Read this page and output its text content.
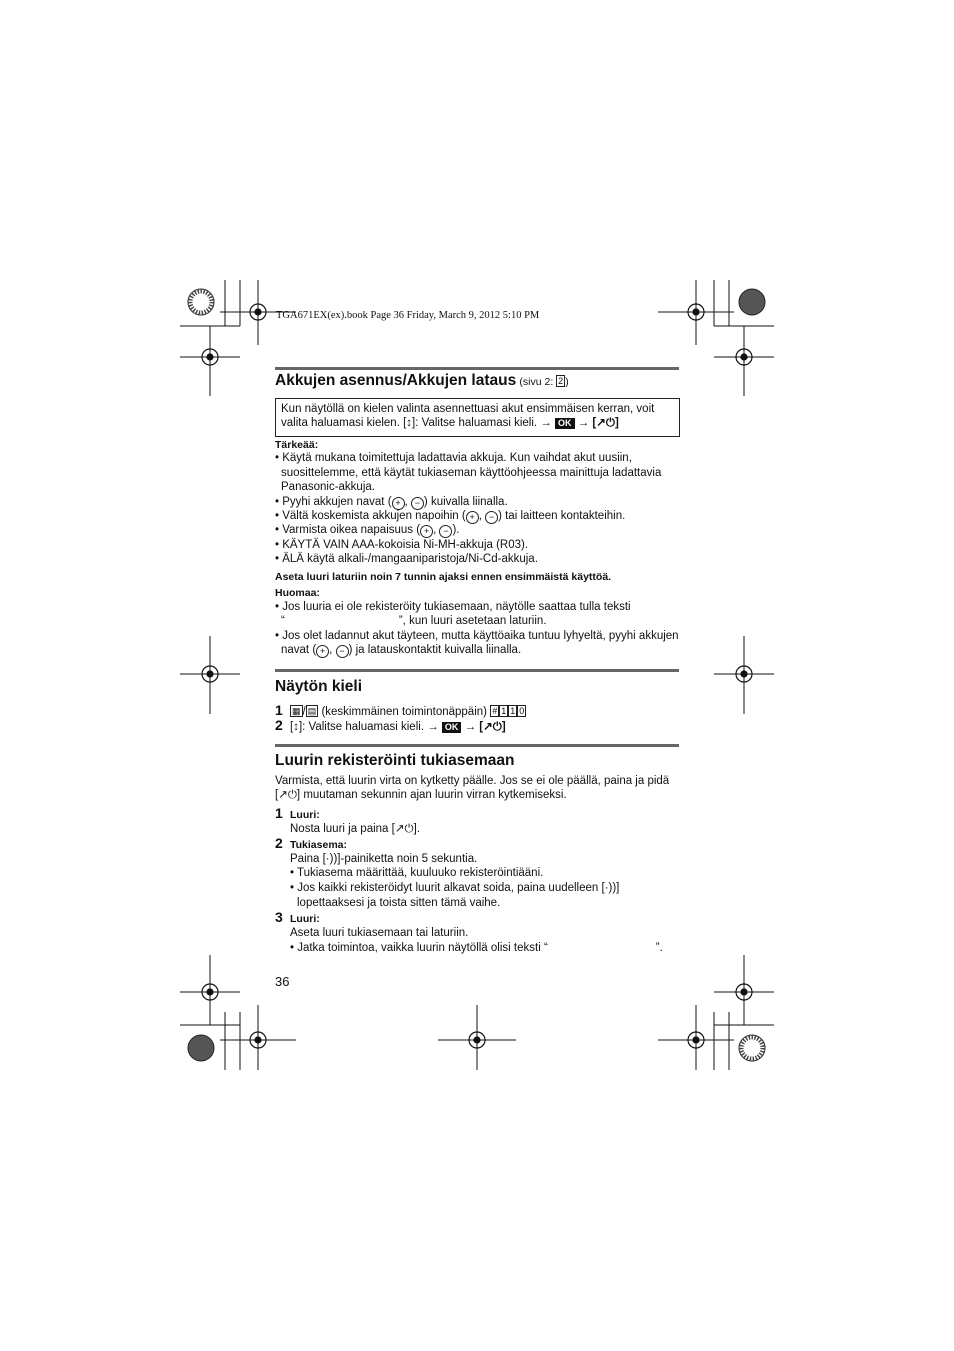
TGA671EX(ex).book Page 36 Friday, March 9, 2012 5:10 PM
Akkujen asennus/Akkujen lataus (sivu 2: 2 )
Kun näytöllä on kielen valinta asennettuasi akut ensimmäisen kerran, voit
valita haluamasi kielen. [↕]: Valitse haluamasi kieli. → OK → [↗⏻]
Tärkeää:
• Käytä mukana toimitettuja ladattavia akkuja. Kun vaihdat akut uusiin,
suosittelemme, että käytät tukiaseman käyttöohjeessa mainittuja ladattavia
Panasonic-akkuja.
• Pyyhi akkujen navat ( + , − ) kuivalla liinalla.
• Vältä koskemista akkujen napoihin ( + , − ) tai laitteen kontakteihin.
• Varmista oikea napaisuus ( + , − ).
• KÄYTÄ VAIN AAA-kokoisia Ni-MH-akkuja (R03).
• ÄLÄ käytä alkali-/mangaaniparistoja/Ni-Cd-akkuja.
Aseta luuri laturiin noin 7 tunnin ajaksi ennen ensimmäistä käyttöä.
Huomaa:
• Jos luuria ei ole rekisteröity tukiasemaan, näytölle saattaa tulla teksti
“	”, kun luuri asetetaan laturiin.
• Jos olet ladannut akut täyteen, mutta käyttöaika tuntuu lyhyeltä, pyyhi akkujen
navat ( + , − ) ja latauskontaktit kuivalla liinalla.
Näytön kieli
1 ▦ / ▤ (keskimmäinen toimintonäppäin) # 1 1 0
2 [↕]: Valitse haluamasi kieli. → OK → [↗⏻]
Luurin rekisteröinti tukiasemaan
Varmista, että luurin virta on kytketty päälle. Jos se ei ole päällä, paina ja pidä
[↗⏻] muutaman sekunnin ajan luurin virran kytkemiseksi.
1 Luuri:
Nosta luuri ja paina [↗⏻].
2 Tukiasema:
Paina [·))]-painiketta noin 5 sekuntia.
• Tukiasema määrittää, kuuluuko rekisteröintiääni.
• Jos kaikki rekisteröidyt luurit alkavat soida, paina uudelleen [·))]
lopettaaksesi ja toista sitten tämä vaihe.
3 Luuri:
Aseta luuri tukiasemaan tai laturiin.
• Jatka toimintoa, vaikka luurin näytöllä olisi teksti “	”.
36
